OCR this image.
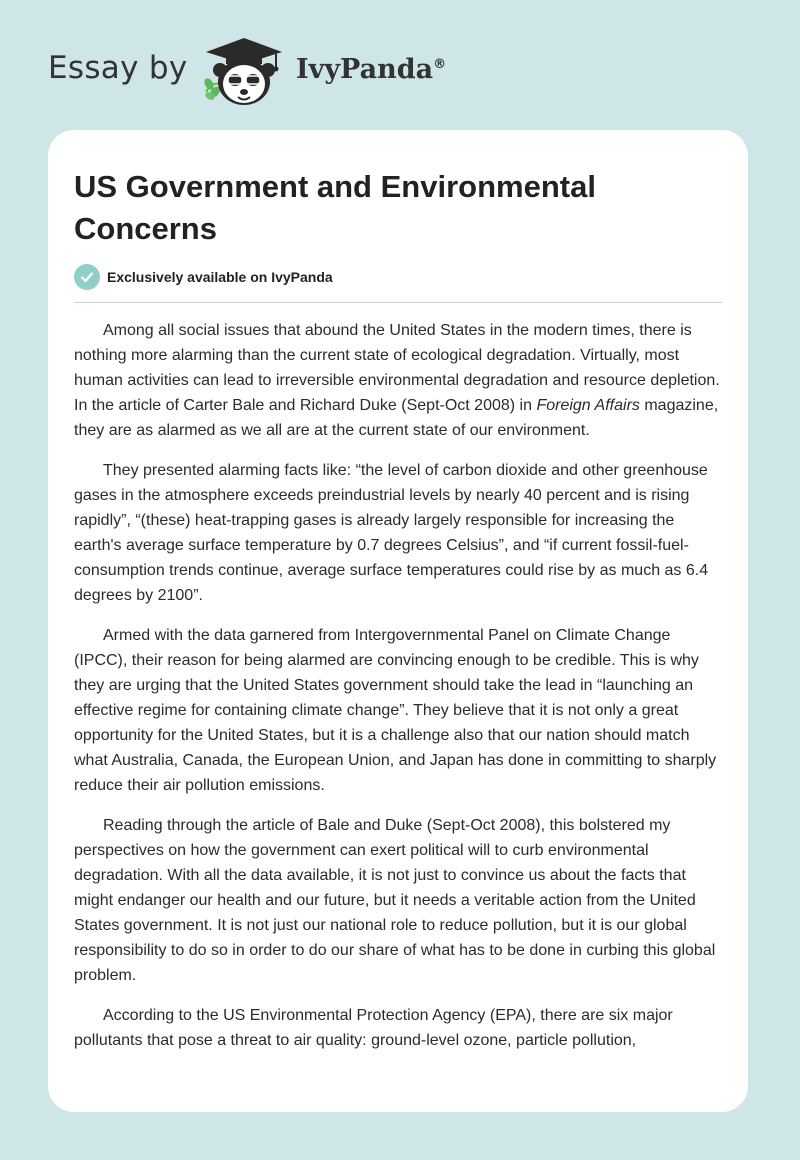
Essay by	IvyPanda®
US Government and Environmental Concerns
Exclusively available on IvyPanda

Among all social issues that abound the United States in the modern times, there is nothing more alarming than the current state of ecological degradation. Virtually, most human activities can lead to irreversible environmental degradation and resource depletion. In the article of Carter Bale and Richard Duke (Sept-Oct 2008) in Foreign Affairs magazine, they are as alarmed as we all are at the current state of our environment.

They presented alarming facts like: “the level of carbon dioxide and other greenhouse gases in the atmosphere exceeds preindustrial levels by nearly 40 percent and is rising rapidly”, “(these) heat-trapping gases is already largely responsible for increasing the earth's average surface temperature by 0.7 degrees Celsius”, and “if current fossil-fuel-consumption trends continue, average surface temperatures could rise by as much as 6.4 degrees by 2100”.

Armed with the data garnered from Intergovernmental Panel on Climate Change (IPCC), their reason for being alarmed are convincing enough to be credible. This is why they are urging that the United States government should take the lead in “launching an effective regime for containing climate change”. They believe that it is not only a great opportunity for the United States, but it is a challenge also that our nation should match what Australia, Canada, the European Union, and Japan has done in committing to sharply reduce their air pollution emissions.

Reading through the article of Bale and Duke (Sept-Oct 2008), this bolstered my perspectives on how the government can exert political will to curb environmental degradation. With all the data available, it is not just to convince us about the facts that might endanger our health and our future, but it needs a veritable action from the United States government. It is not just our national role to reduce pollution, but it is our global responsibility to do so in order to do our share of what has to be done in curbing this global problem.

According to the US Environmental Protection Agency (EPA), there are six major pollutants that pose a threat to air quality: ground-level ozone, particle pollution,
